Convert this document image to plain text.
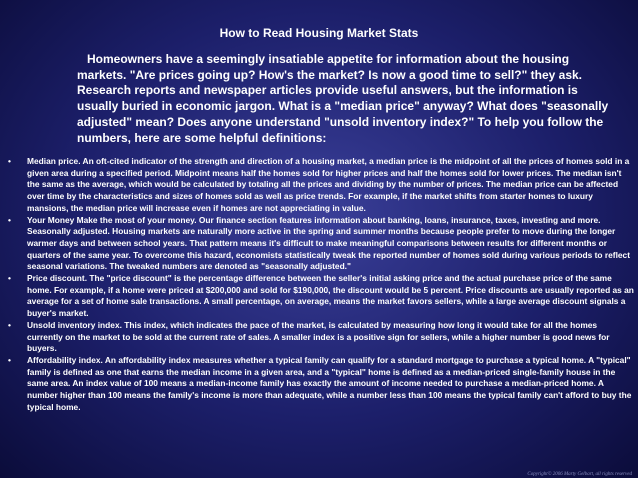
How to Read Housing Market Stats

Homeowners have a seemingly insatiable appetite for information about the housing markets. "Are prices going up? How's the market? Is now a good time to sell?" they ask. Research reports and newspaper articles provide useful answers, but the information is usually buried in economic jargon. What is a "median price" anyway? What does "seasonally adjusted" mean? Does anyone understand "unsold inventory index?" To help you follow the numbers, here are some helpful definitions:

• Median price. An oft-cited indicator of the strength and direction of a housing market, a median price is the midpoint of all the prices of homes sold in a given area during a specified period. Midpoint means half the homes sold for higher prices and half the homes sold for lower prices. The median isn't the same as the average, which would be calculated by totaling all the prices and dividing by the number of prices. The median price can be affected over time by the characteristics and sizes of homes sold as well as price trends. For example, if the market shifts from starter homes to luxury mansions, the median price will increase even if homes are not appreciating in value.
• Your Money Make the most of your money. Our finance section features information about banking, loans, insurance, taxes, investing and more. Seasonally adjusted. Housing markets are naturally more active in the spring and summer months because people prefer to move during the longer warmer days and between school years. That pattern means it's difficult to make meaningful comparisons between results for different months or quarters of the same year. To overcome this hazard, economists statistically tweak the reported number of homes sold during various periods to reflect seasonal variations. The tweaked numbers are denoted as "seasonally adjusted."
• Price discount. The "price discount" is the percentage difference between the seller's initial asking price and the actual purchase price of the same home. For example, if a home were priced at $200,000 and sold for $190,000, the discount would be 5 percent. Price discounts are usually reported as an average for a set of home sale transactions. A small percentage, on average, means the market favors sellers, while a large average discount signals a buyer's market.
• Unsold inventory index. This index, which indicates the pace of the market, is calculated by measuring how long it would take for all the homes currently on the market to be sold at the current rate of sales. A smaller index is a positive sign for sellers, while a higher number is good news for buyers.
• Affordability index. An affordability index measures whether a typical family can qualify for a standard mortgage to purchase a typical home. A "typical" family is defined as one that earns the median income in a given area, and a "typical" home is defined as a median-priced single-family house in the same area. An index value of 100 means a median-income family has exactly the amount of income needed to purchase a median-priced home. A number higher than 100 means the family's income is more than adequate, while a number less than 100 means the typical family can't afford to buy the typical home.
Copyright© 2006 Marty Gelbart, all rights reserved
